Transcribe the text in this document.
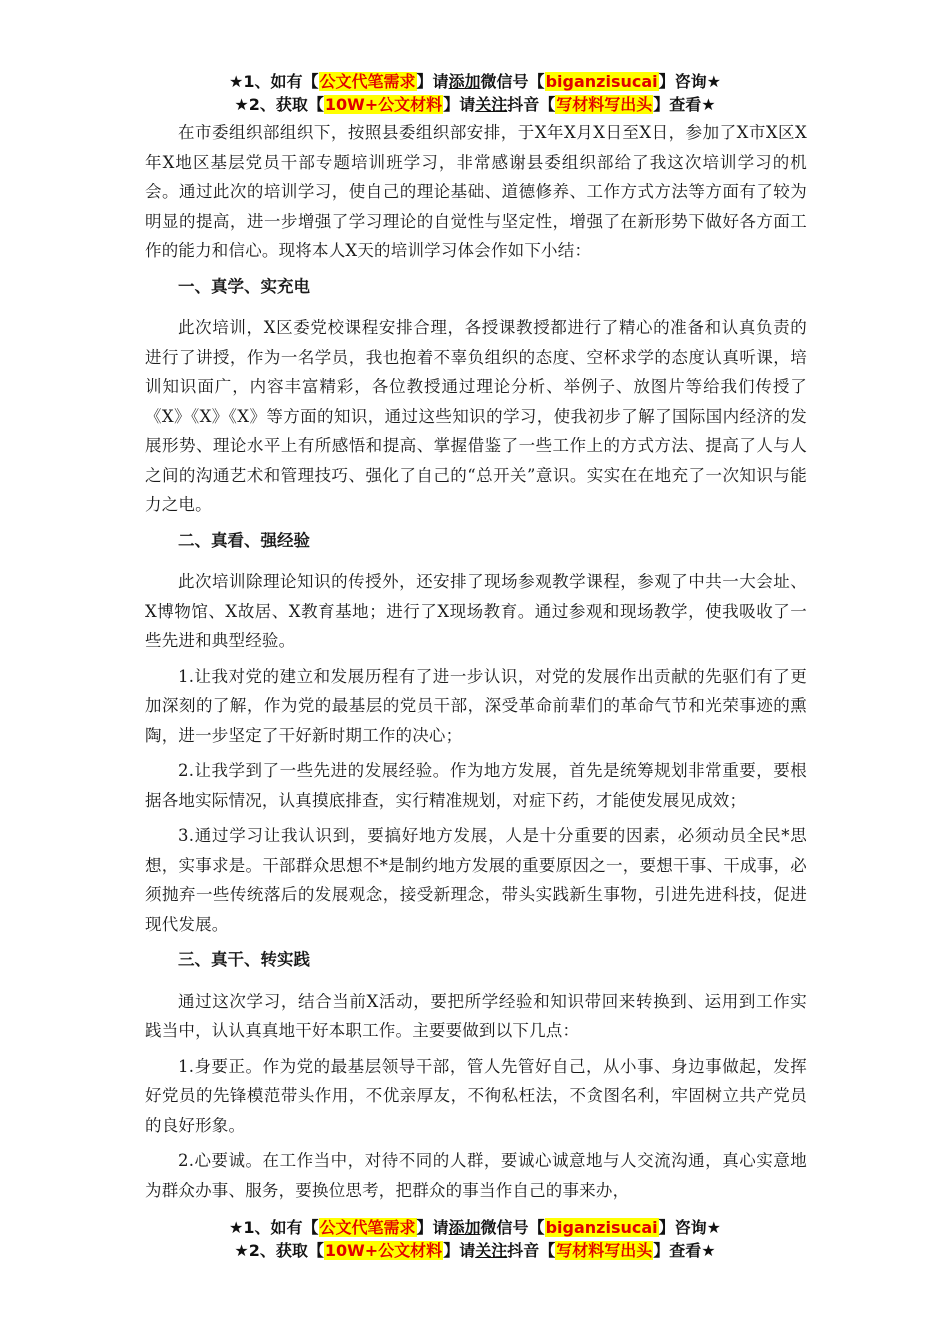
★1、如有【公文代笔需求】请添加微信号【biganzisucai】咨询★
★2、获取【10W+公文材料】请关注抖音【写材料写出头】查看★

在市委组织部组织下，按照县委组织部安排，于X年X月X日至X日，参加了X市X区X年X地区基层党员干部专题培训班学习，非常感谢县委组织部给了我这次培训学习的机会。通过此次的培训学习，使自己的理论基础、道德修养、工作方式方法等方面有了较为明显的提高，进一步增强了学习理论的自觉性与坚定性，增强了在新形势下做好各方面工作的能力和信心。现将本人X天的培训学习体会作如下小结：

一、真学、实充电

此次培训，X区委党校课程安排合理，各授课教授都进行了精心的准备和认真负责的进行了讲授，作为一名学员，我也抱着不辜负组织的态度、空杯求学的态度认真听课，培训知识面广，内容丰富精彩，各位教授通过理论分析、举例子、放图片等给我们传授了《X》《X》《X》等方面的知识，通过这些知识的学习，使我初步了解了国际国内经济的发展形势、理论水平上有所感悟和提高、掌握借鉴了一些工作上的方式方法、提高了人与人之间的沟通艺术和管理技巧、强化了自己的“总开关”意识。实实在在地充了一次知识与能力之电。

二、真看、强经验

此次培训除理论知识的传授外，还安排了现场参观教学课程，参观了中共一大会址、X博物馆、X故居、X教育基地；进行了X现场教育。通过参观和现场教学，使我吸收了一些先进和典型经验。

1.让我对党的建立和发展历程有了进一步认识，对党的发展作出贡献的先驱们有了更加深刻的了解，作为党的最基层的党员干部，深受革命前辈们的革命气节和光荣事迹的熏陶，进一步坚定了干好新时期工作的决心；

2.让我学到了一些先进的发展经验。作为地方发展，首先是统筹规划非常重要，要根据各地实际情况，认真摸底排查，实行精准规划，对症下药，才能使发展见成效；

3.通过学习让我认识到，要搞好地方发展，人是十分重要的因素，必须动员全民*思想，实事求是。干部群众思想不*是制约地方发展的重要原因之一，要想干事、干成事，必须抛弃一些传统落后的发展观念，接受新理念，带头实践新生事物，引进先进科技，促进现代发展。

三、真干、转实践

通过这次学习，结合当前X活动，要把所学经验和知识带回来转换到、运用到工作实践当中，认认真真地干好本职工作。主要要做到以下几点：

1.身要正。作为党的最基层领导干部，管人先管好自己，从小事、身边事做起，发挥好党员的先锋模范带头作用，不优亲厚友，不徇私枉法，不贪图名利，牢固树立共产党员的良好形象。

2.心要诚。在工作当中，对待不同的人群，要诚心诚意地与人交流沟通，真心实意地为群众办事、服务，要换位思考，把群众的事当作自己的事来办，

★1、如有【公文代笔需求】请添加微信号【biganzisucai】咨询★
★2、获取【10W+公文材料】请关注抖音【写材料写出头】查看★
